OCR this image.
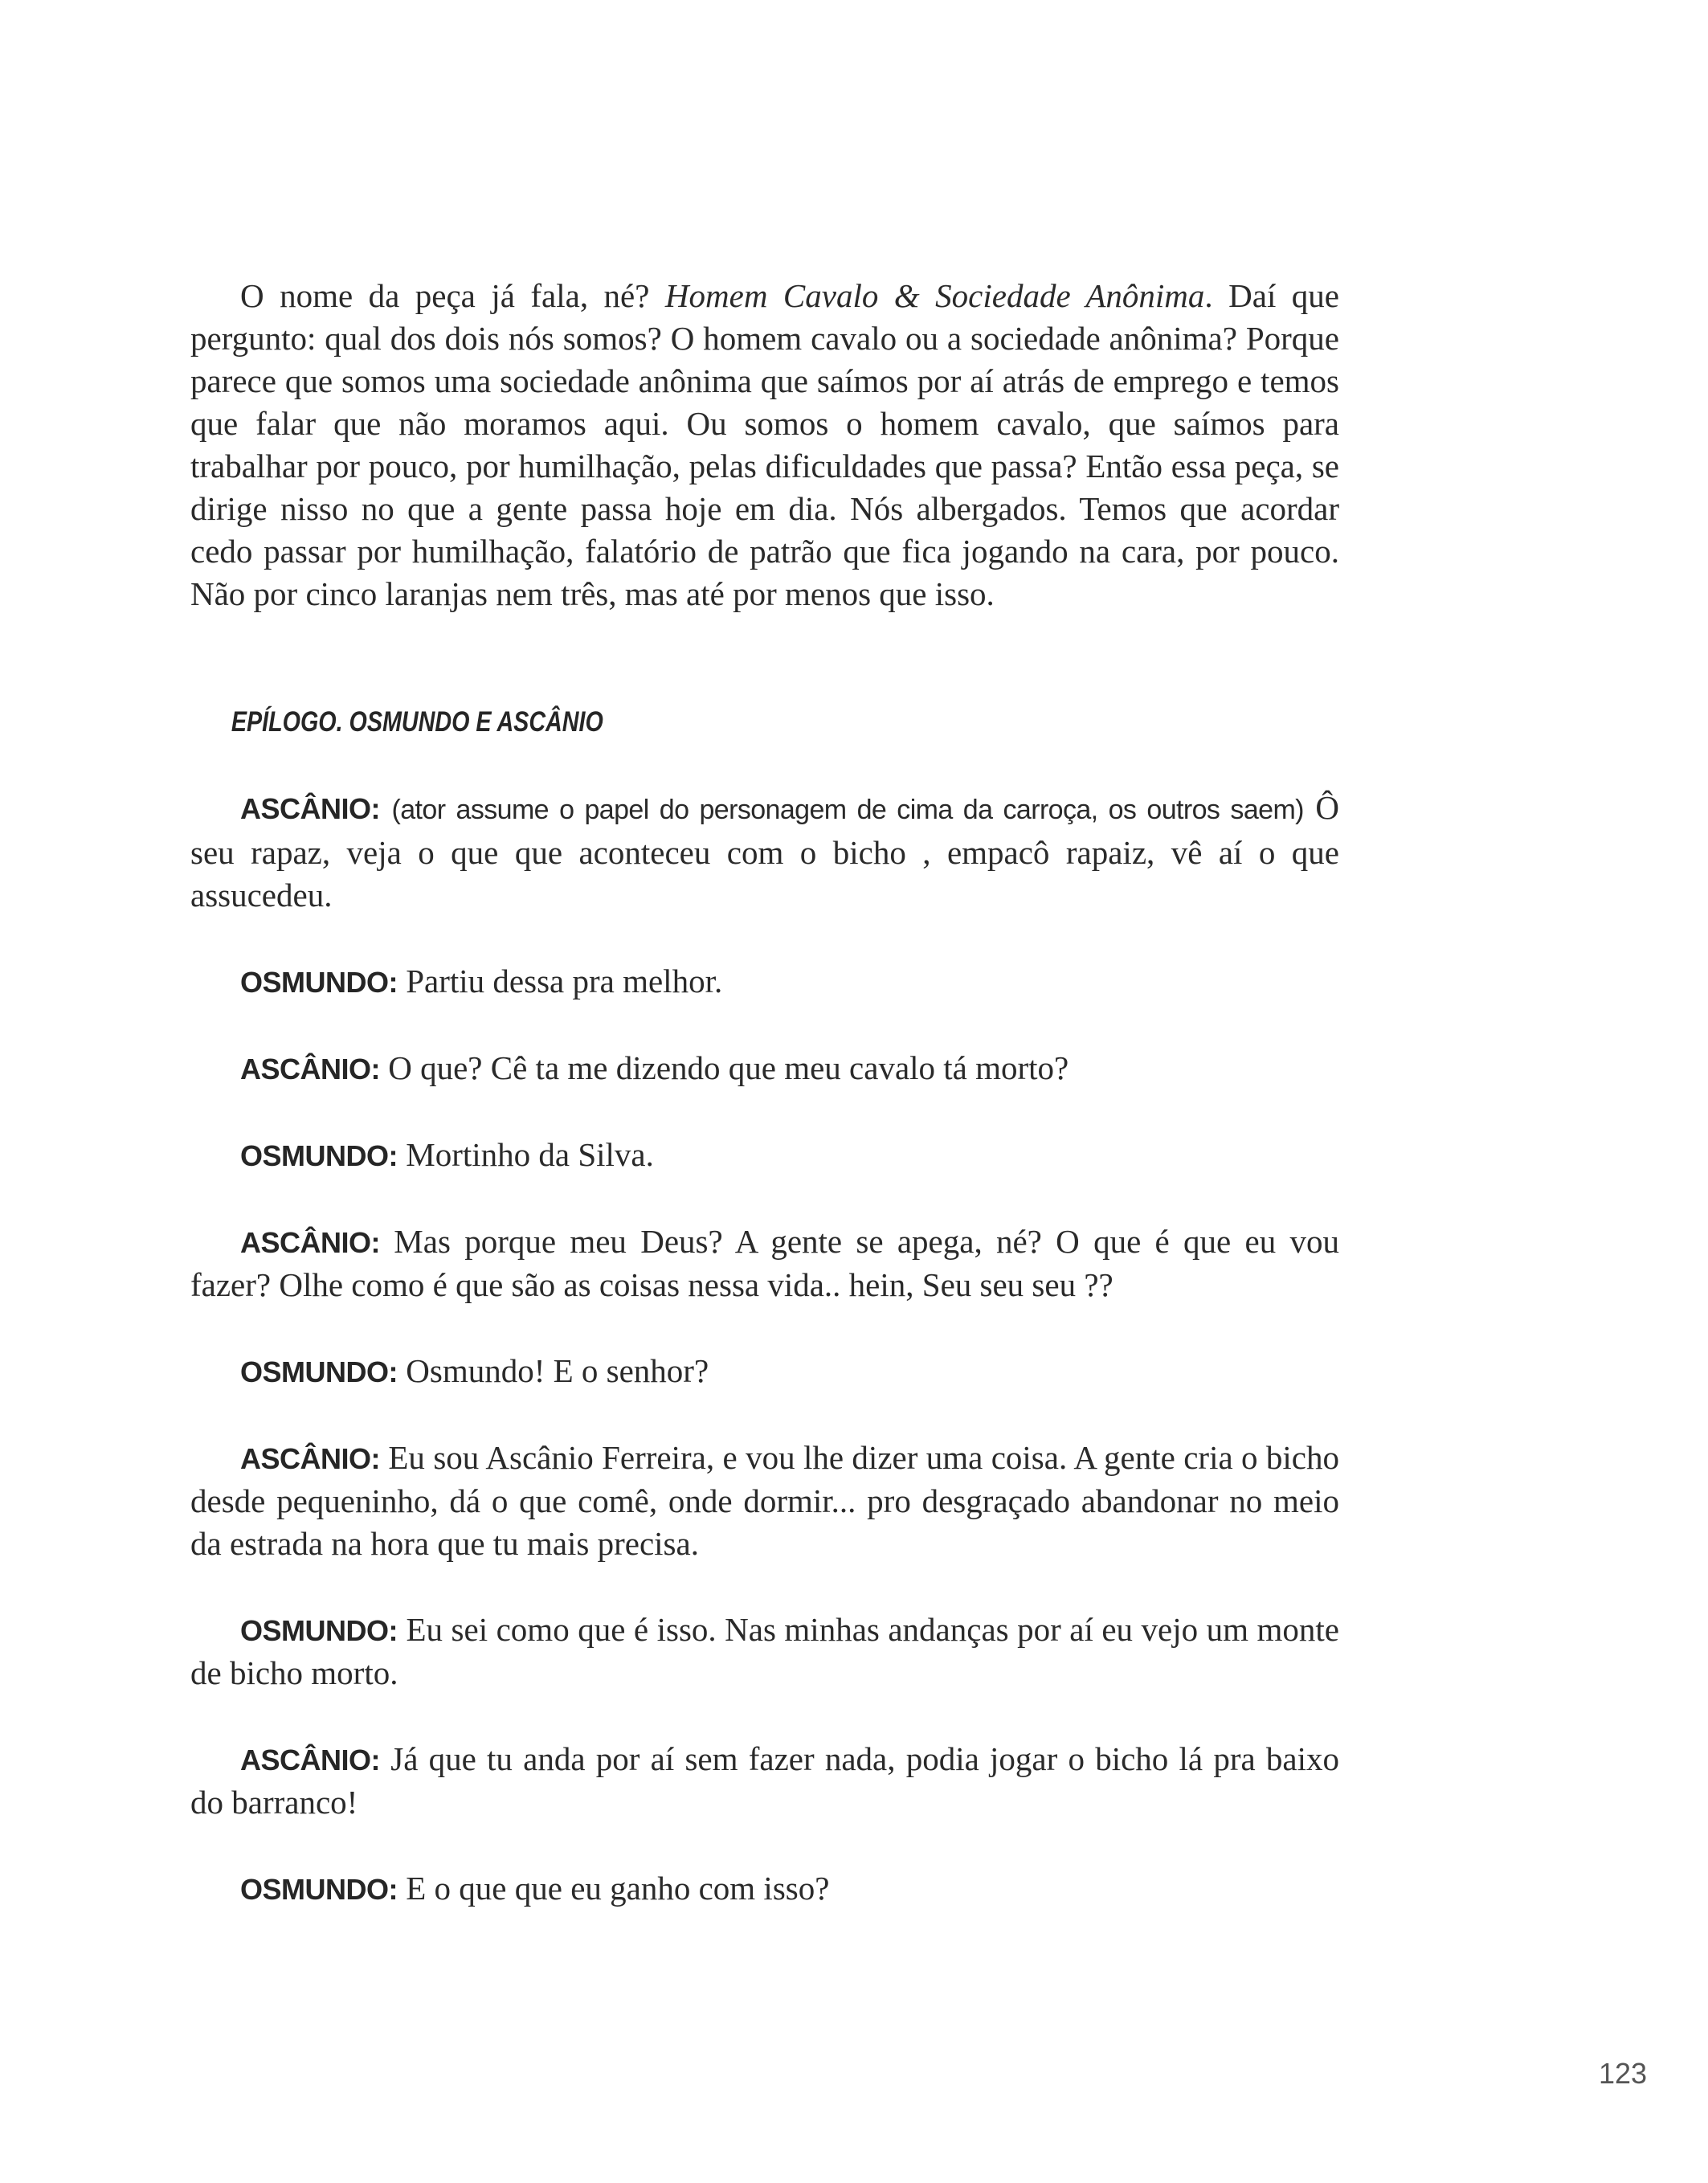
O nome da peça já fala, né? Homem Cavalo & Sociedade Anônima. Daí que pergunto: qual dos dois nós somos? O homem cavalo ou a sociedade anônima? Porque parece que somos uma sociedade anônima que saímos por aí atrás de emprego e temos que falar que não moramos aqui. Ou somos o homem cavalo, que saímos para trabalhar por pouco, por humilhação, pelas dificuldades que passa? Então essa peça, se dirige nisso no que a gente passa hoje em dia. Nós albergados. Temos que acordar cedo passar por humilhação, falatório de patrão que fica jogando na cara, por pouco. Não por cinco laranjas nem três, mas até por menos que isso.

EPÍLOGO. OSMUNDO E ASCÂNIO

ASCÂNIO: (ator assume o papel do personagem de cima da carroça, os outros saem) Ô seu rapaz, veja o que que aconteceu com o bicho , empacô rapaiz, vê aí o que assucedeu.

OSMUNDO: Partiu dessa pra melhor.

ASCÂNIO: O que? Cê ta me dizendo que meu cavalo tá morto?

OSMUNDO: Mortinho da Silva.

ASCÂNIO: Mas porque meu Deus? A gente se apega, né? O que é que eu vou fazer? Olhe como é que são as coisas nessa vida.. hein, Seu seu seu ??

OSMUNDO: Osmundo! E o senhor?

ASCÂNIO: Eu sou Ascânio Ferreira, e vou lhe dizer uma coisa. A gente cria o bicho desde pequeninho, dá o que comê, onde dormir... pro desgraçado abandonar no meio da estrada na hora que tu mais precisa.

OSMUNDO: Eu sei como que é isso. Nas minhas andanças por aí eu vejo um monte de bicho morto.

ASCÂNIO: Já que tu anda por aí sem fazer nada, podia jogar o bicho lá pra baixo do barranco!

OSMUNDO: E o que que eu ganho com isso?

123
